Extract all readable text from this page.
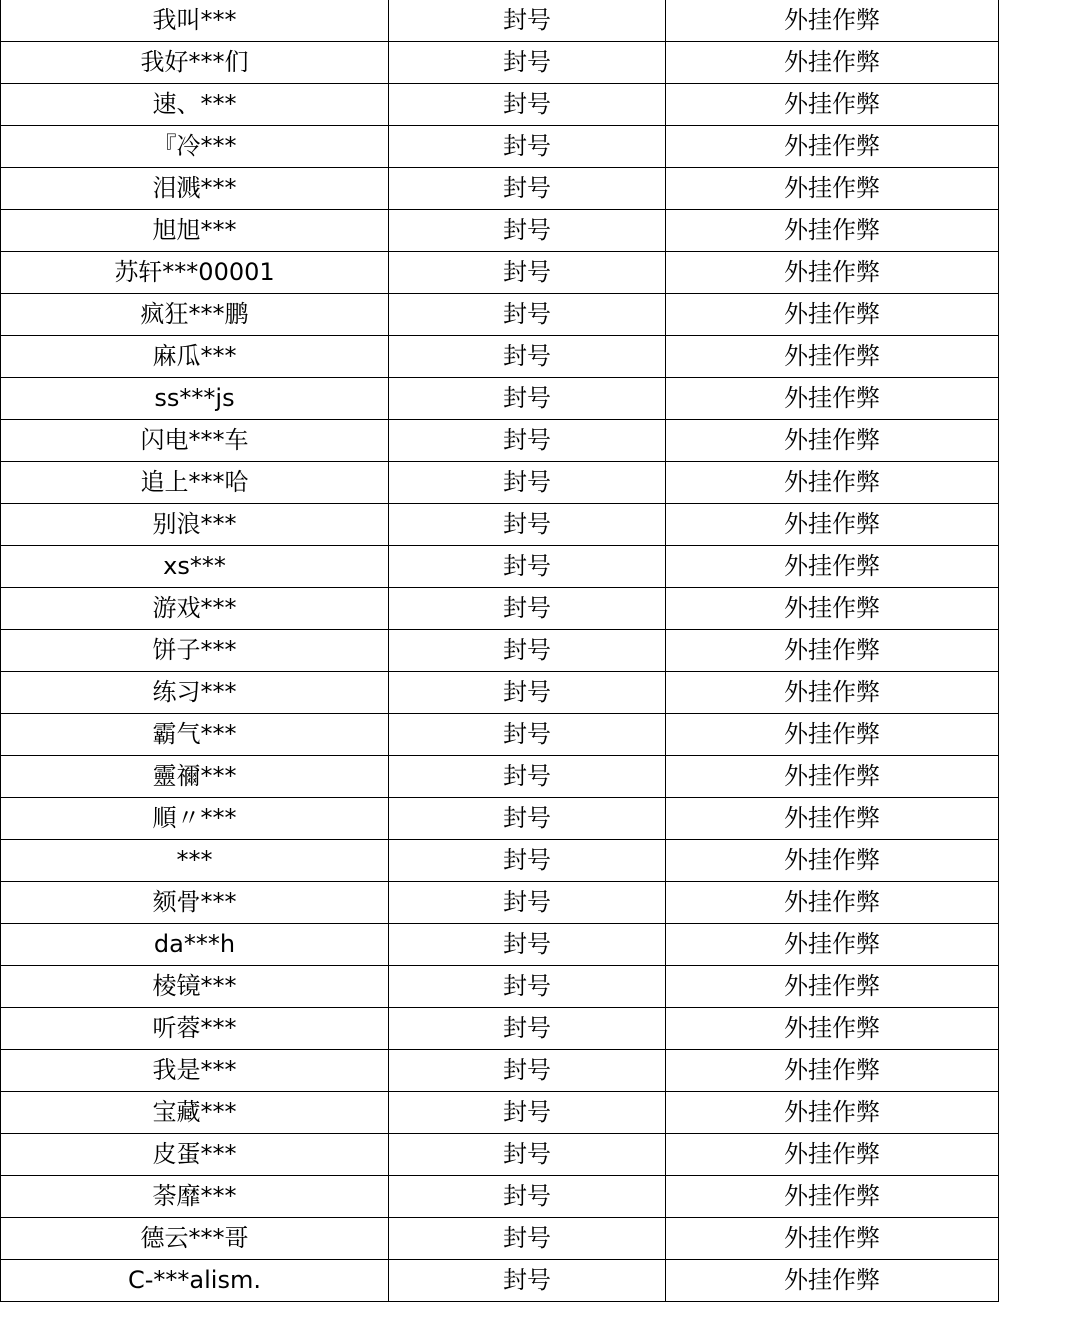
我叫***	封号	外挂作弊
我好***们	封号	外挂作弊
速、***	封号	外挂作弊
『冷***	封号	外挂作弊
泪溅***	封号	外挂作弊
旭旭***	封号	外挂作弊
苏轩***00001	封号	外挂作弊
疯狂***鹏	封号	外挂作弊
麻瓜***	封号	外挂作弊
ss***js	封号	外挂作弊
闪电***车	封号	外挂作弊
追上***哈	封号	外挂作弊
别浪***	封号	外挂作弊
xs***	封号	外挂作弊
游戏***	封号	外挂作弊
饼子***	封号	外挂作弊
练习***	封号	外挂作弊
霸气***	封号	外挂作弊
靈禰***	封号	外挂作弊
順〃***	封号	外挂作弊
***	封号	外挂作弊
颏骨***	封号	外挂作弊
da***h	封号	外挂作弊
棱镜***	封号	外挂作弊
听蓉***	封号	外挂作弊
我是***	封号	外挂作弊
宝藏***	封号	外挂作弊
皮蛋***	封号	外挂作弊
荼靡***	封号	外挂作弊
德云***哥	封号	外挂作弊
C-***alism.	封号	外挂作弊
